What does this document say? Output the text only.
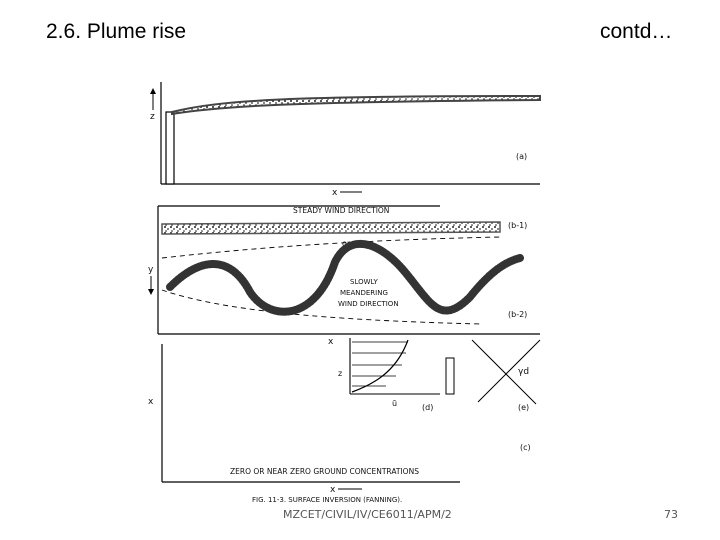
2.6. Plume rise	contd…
z
(a)
x
STEADY WIND DIRECTION
(b-1)
or
SLOWLY
MEANDERING
WIND DIRECTION
(b-2)
y
x
x
(c)
ZERO OR NEAR ZERO GROUND CONCENTRATIONS
x
z
ū	(d)
γd
(e)
FIG. 11-3. SURFACE INVERSION (FANNING).
MZCET/CIVIL/IV/CE6011/APM/2	73
